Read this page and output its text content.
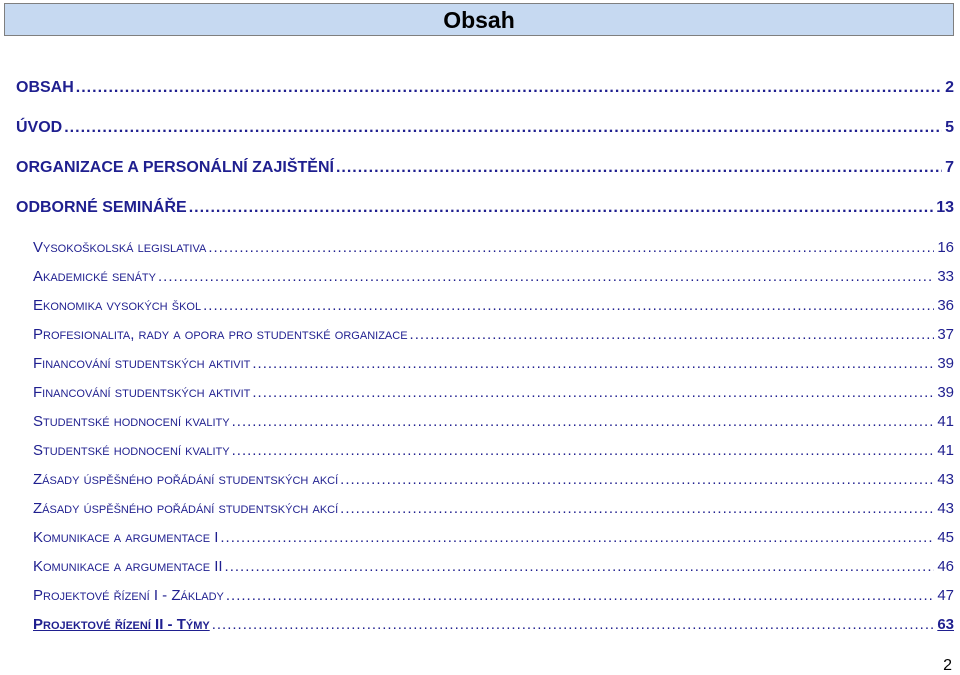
Obsah
OBSAH .....	2
ÚVOD .....	5
ORGANIZACE A PERSONÁLNÍ ZAJIŠTĚNÍ .....	7
ODBORNÉ SEMINÁŘE .....	13
Vysokoškolská legislativa .....	16
Akademické senáty .....	33
Ekonomika vysokých škol .....	36
Profesionalita, rady a opora pro studentské organizace .....	37
Financování studentských aktivit .....	39
Financování studentských aktivit .....	39
Studentské hodnocení kvality .....	41
Studentské hodnocení kvality .....	41
Zásady úspěšného pořádání studentských akcí .....	43
Zásady úspěšného pořádání studentských akcí .....	43
Komunikace a argumentace I .....	45
Komunikace a argumentace II .....	46
Projektové řízení I - Základy .....	47
Projektové řízení II - Týmy .....	63
2
